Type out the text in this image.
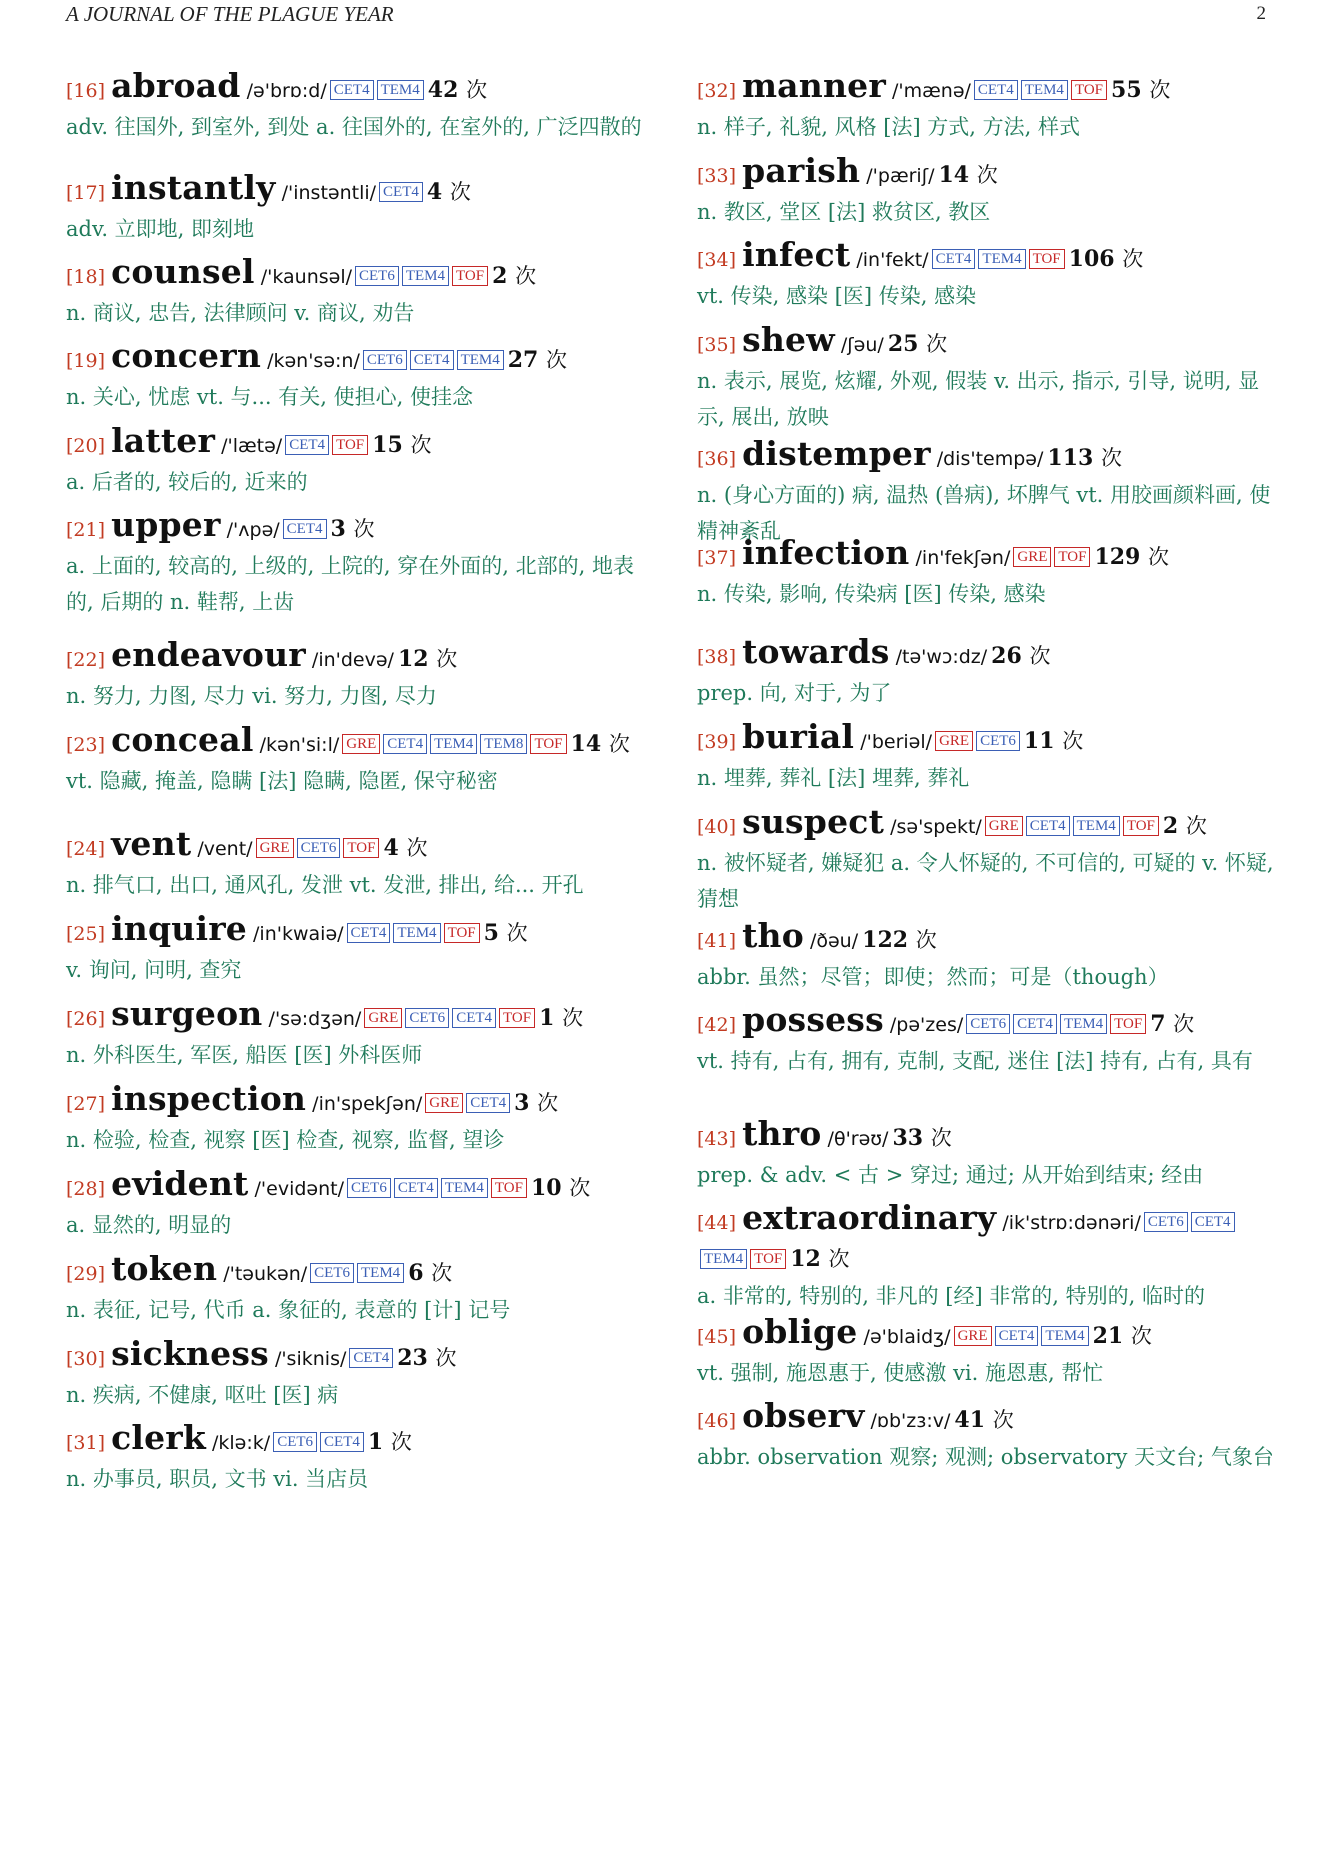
A JOURNAL OF THE PLAGUE YEAR	2
[16] abroad /ə'brɒ:d/ CET4 TEM4 42 次
adv. 往国外, 到室外, 到处 a. 往国外的, 在室外的, 广泛四散的
[17] instantly /'instəntli/ CET4 4 次
adv. 立即地, 即刻地
[18] counsel /'kaunsəl/ CET6 TEM4 TOF 2 次
n. 商议, 忠告, 法律顾问 v. 商议, 劝告
[19] concern /kən'sə:n/ CET6 CET4 TEM4 27 次
n. 关心, 忧虑 vt. 与... 有关, 使担心, 使挂念
[20] latter /'lætə/ CET4 TOF 15 次
a. 后者的, 较后的, 近来的
[21] upper /'ʌpə/ CET4 3 次
a. 上面的, 较高的, 上级的, 上院的, 穿在外面的, 北部的, 地表的, 后期的 n. 鞋帮, 上齿
[22] endeavour /in'devə/ 12 次
n. 努力, 力图, 尽力 vi. 努力, 力图, 尽力
[23] conceal /kən'si:l/ GRE CET4 TEM4 TEM8 TOF 14 次
vt. 隐藏, 掩盖, 隐瞒 [法] 隐瞒, 隐匿, 保守秘密
[24] vent /vent/ GRE CET6 TOF 4 次
n. 排气口, 出口, 通风孔, 发泄 vt. 发泄, 排出, 给... 开孔
[25] inquire /in'kwaiə/ CET4 TEM4 TOF 5 次
v. 询问, 问明, 查究
[26] surgeon /'sə:dʒən/ GRE CET6 CET4 TOF 1 次
n. 外科医生, 军医, 船医 [医] 外科医师
[27] inspection /in'spekʃən/ GRE CET4 3 次
n. 检验, 检查, 视察 [医] 检查, 视察, 监督, 望诊
[28] evident /'evidənt/ CET6 CET4 TEM4 TOF 10 次
a. 显然的, 明显的
[29] token /'təukən/ CET6 TEM4 6 次
n. 表征, 记号, 代币 a. 象征的, 表意的 [计] 记号
[30] sickness /'siknis/ CET4 23 次
n. 疾病, 不健康, 呕吐 [医] 病
[31] clerk /klə:k/ CET6 CET4 1 次
n. 办事员, 职员, 文书 vi. 当店员
[32] manner /'mænə/ CET4 TEM4 TOF 55 次
n. 样子, 礼貌, 风格 [法] 方式, 方法, 样式
[33] parish /'pæriʃ/ 14 次
n. 教区, 堂区 [法] 救贫区, 教区
[34] infect /in'fekt/ CET4 TEM4 TOF 106 次
vt. 传染, 感染 [医] 传染, 感染
[35] shew /ʃəu/ 25 次
n. 表示, 展览, 炫耀, 外观, 假装 v. 出示, 指示, 引导, 说明, 显示, 展出, 放映
[36] distemper /dis'tempə/ 113 次
n. (身心方面的) 病, 温热 (兽病), 坏脾气 vt. 用胶画颜料画, 使精神紊乱
[37] infection /in'fekʃən/ GRE TOF 129 次
n. 传染, 影响, 传染病 [医] 传染, 感染
[38] towards /tə'wɔ:dz/ 26 次
prep. 向, 对于, 为了
[39] burial /'beriəl/ GRE CET6 11 次
n. 埋葬, 葬礼 [法] 埋葬, 葬礼
[40] suspect /sə'spekt/ GRE CET4 TEM4 TOF 2 次
n. 被怀疑者, 嫌疑犯 a. 令人怀疑的, 不可信的, 可疑的 v. 怀疑, 猜想
[41] tho /ðəu/ 122 次
abbr. 虽然；尽管；即使；然而；可是（though）
[42] possess /pə'zes/ CET6 CET4 TEM4 TOF 7 次
vt. 持有, 占有, 拥有, 克制, 支配, 迷住 [法] 持有, 占有, 具有
[43] thro /θ'rəʊ/ 33 次
prep. & adv. < 古 > 穿过; 通过; 从开始到结束; 经由
[44] extraordinary /ik'strɒ:dənəri/ CET6 CET4TEM4 TOF 12 次
a. 非常的, 特别的, 非凡的 [经] 非常的, 特别的, 临时的
[45] oblige /ə'blaidʒ/ GRE CET4 TEM4 21 次
vt. 强制, 施恩惠于, 使感激 vi. 施恩惠, 帮忙
[46] observ /ɒb'zɜ:v/ 41 次
abbr. observation 观察; 观测; observatory 天文台; 气象台
